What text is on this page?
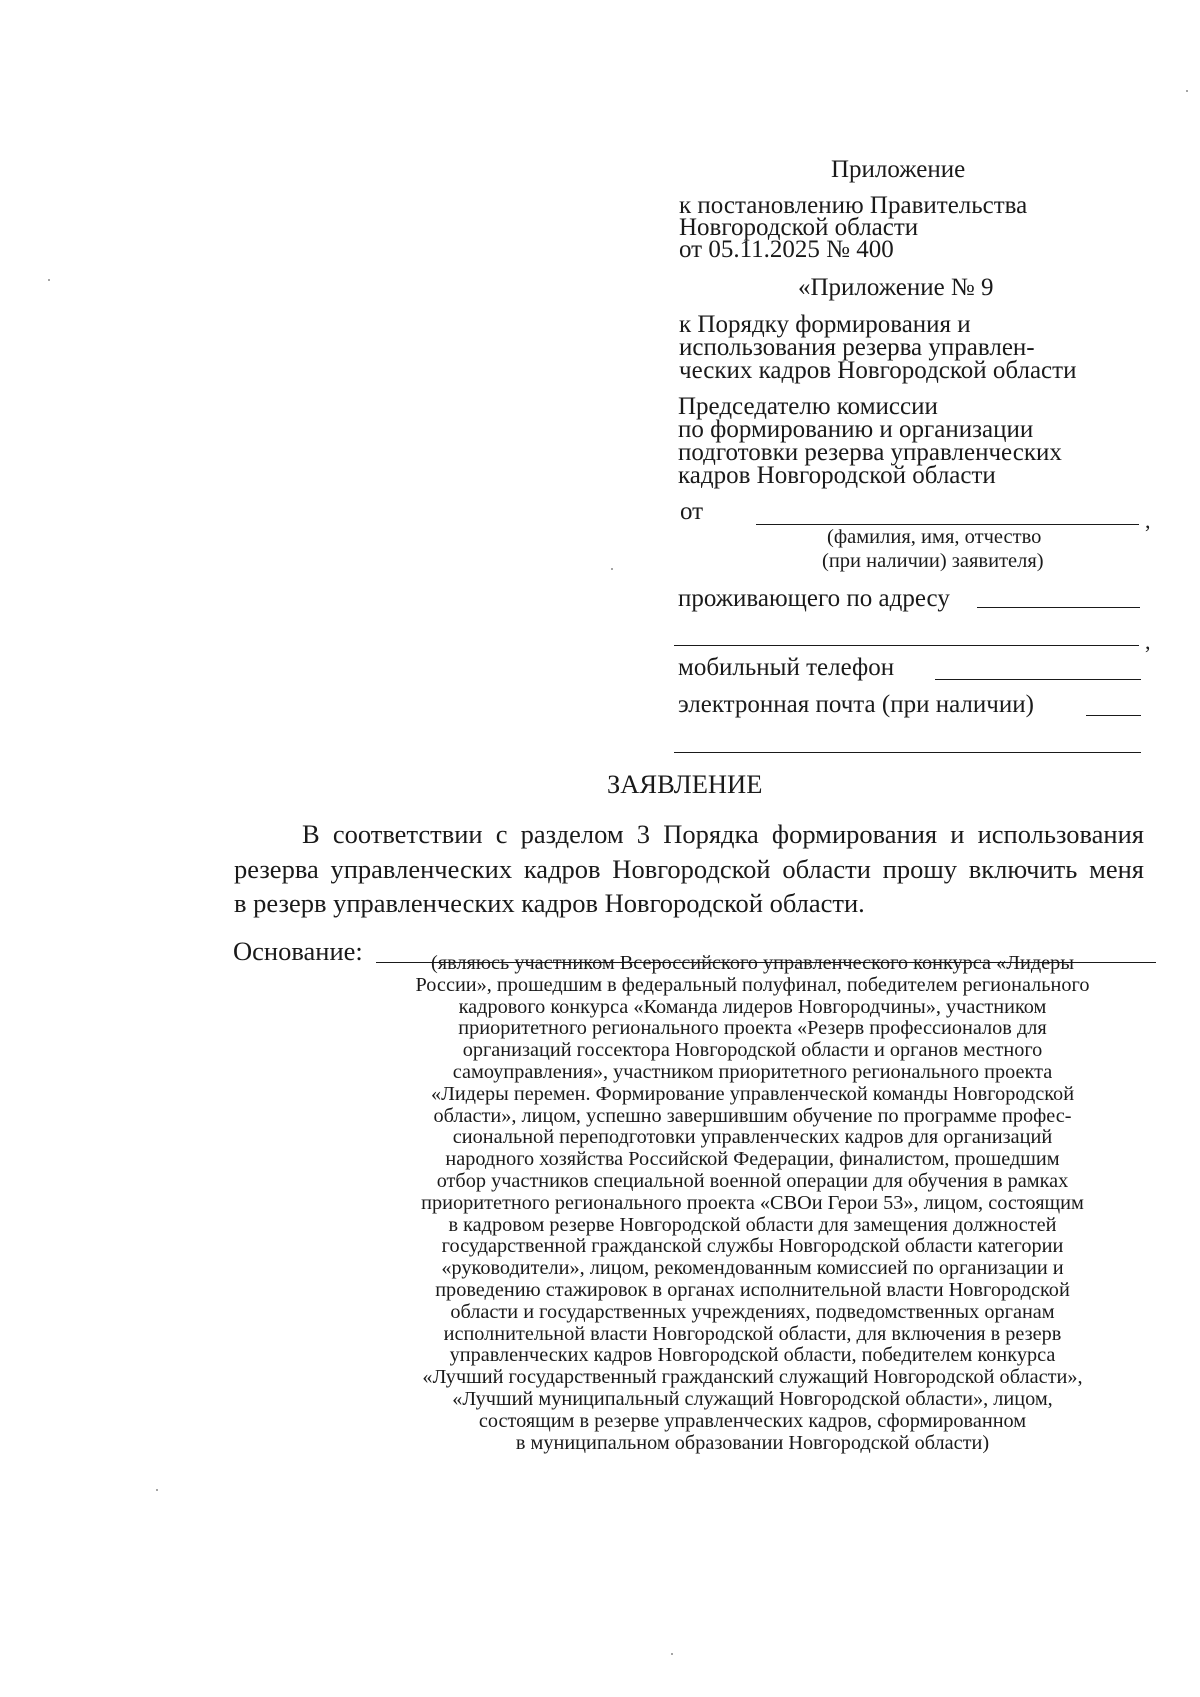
Приложение
к постановлению Правительства
Новгородской области
от 05.11.2025 № 400
«Приложение № 9
к Порядку формирования и
использования резерва управлен-
ческих кадров Новгородской области
Председателю комиссии
по формированию и организации
подготовки резерва управленческих
кадров Новгородской области
от	,
(фамилия, имя, отчество
(при наличии) заявителя)
проживающего по адресу
,
мобильный телефон
электронная почта (при наличии)
ЗАЯВЛЕНИЕ
В соответствии с разделом 3 Порядка формирования и использования
резерва управленческих кадров Новгородской области прошу включить меня
в резерв управленческих кадров Новгородской области.
Основание:	(являюсь участником Всероссийского управленческого конкурса «Лидеры
России», прошедшим в федеральный полуфинал, победителем регионального
кадрового конкурса «Команда лидеров Новгородчины», участником
приоритетного регионального проекта «Резерв профессионалов для
организаций госсектора Новгородской области и органов местного
самоуправления», участником приоритетного регионального проекта
«Лидеры перемен. Формирование управленческой команды Новгородской
области», лицом, успешно завершившим обучение по программе профес-
сиональной переподготовки управленческих кадров для организаций
народного хозяйства Российской Федерации, финалистом, прошедшим
отбор участников специальной военной операции для обучения в рамках
приоритетного регионального проекта «СВОи Герои 53», лицом, состоящим
в кадровом резерве Новгородской области для замещения должностей
государственной гражданской службы Новгородской области категории
«руководители», лицом, рекомендованным комиссией по организации и
проведению стажировок в органах исполнительной власти Новгородской
области и государственных учреждениях, подведомственных органам
исполнительной власти Новгородской области, для включения в резерв
управленческих кадров Новгородской области, победителем конкурса
«Лучший государственный гражданский служащий Новгородской области»,
«Лучший муниципальный служащий Новгородской области», лицом,
состоящим в резерве управленческих кадров, сформированном
в муниципальном образовании Новгородской области)
